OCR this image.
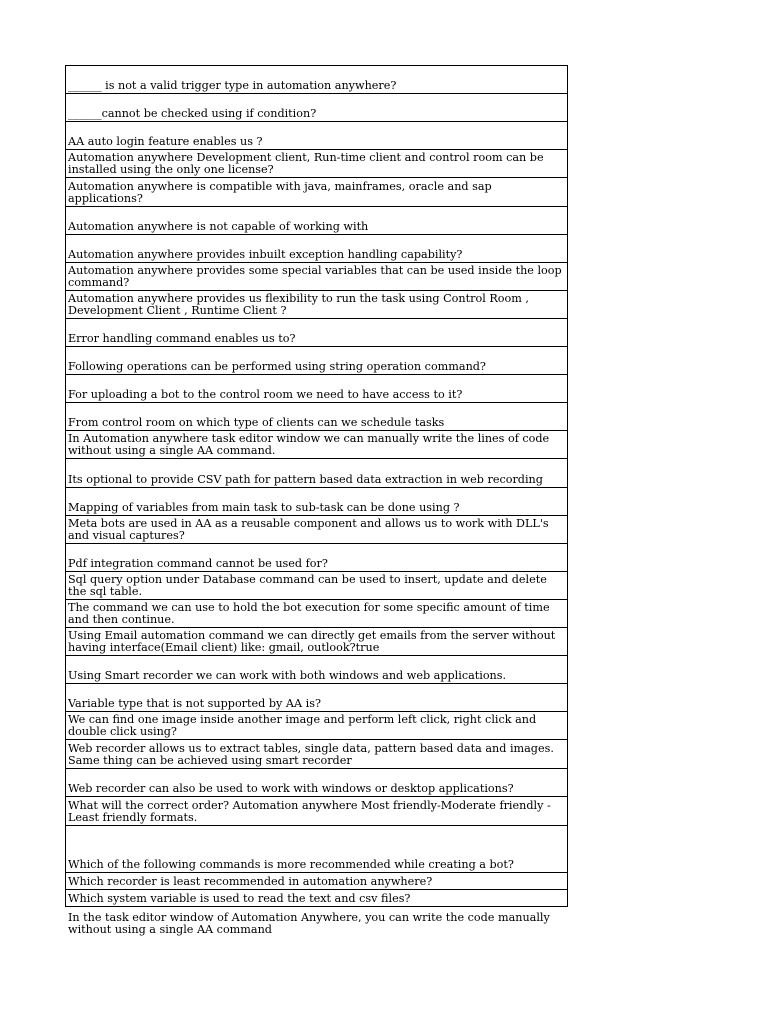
______ is not a valid trigger type in automation anywhere?
______cannot be checked using if condition?
AA auto login feature enables us ?
Automation anywhere Development client, Run-time client and control room can be installed using the only one license?
Automation anywhere is compatible with java, mainframes, oracle and sap applications?
Automation anywhere is not capable of working with
Automation anywhere provides inbuilt exception handling capability?
Automation anywhere provides some special variables that can be used inside the loop command?
Automation anywhere provides us flexibility to run the task using Control Room , Development Client , Runtime Client ?
Error handling command enables us to?
Following operations can be performed using string operation command?
For uploading a bot to the control room we need to have access to it?
From control room on which type of clients can we schedule tasks
In Automation anywhere task editor window we can manually write the lines of code without using a single AA command.
Its optional to provide CSV path for pattern based data extraction in web recording
Mapping of variables from main task to sub-task can be done using ?
Meta bots are used in AA as a reusable component and allows us to work with DLL's and visual captures?
Pdf integration command cannot be used for?
Sql query option under Database command can be used to insert, update and delete the sql table.
The command we can use to hold the bot execution for some specific amount of time and then continue.
Using Email automation command we can directly get emails from the server without having interface(Email client) like: gmail, outlook?true
Using Smart recorder we can work with both windows and web applications.
Variable type that is not supported by AA is?
We can find one image inside another image and perform left click, right click and double click using?
Web recorder allows us to extract tables, single data, pattern based data and images. Same thing can be achieved using smart recorder
Web recorder can also be used to work with windows or desktop applications?
What will the correct order? Automation anywhere Most friendly-Moderate friendly - Least friendly formats.
Which of the following commands is more recommended while creating a bot?
Which recorder is least recommended in automation anywhere?
Which system variable is used to read the text and csv files?
In the task editor window of Automation Anywhere, you can write the code manually without using a single AA command
